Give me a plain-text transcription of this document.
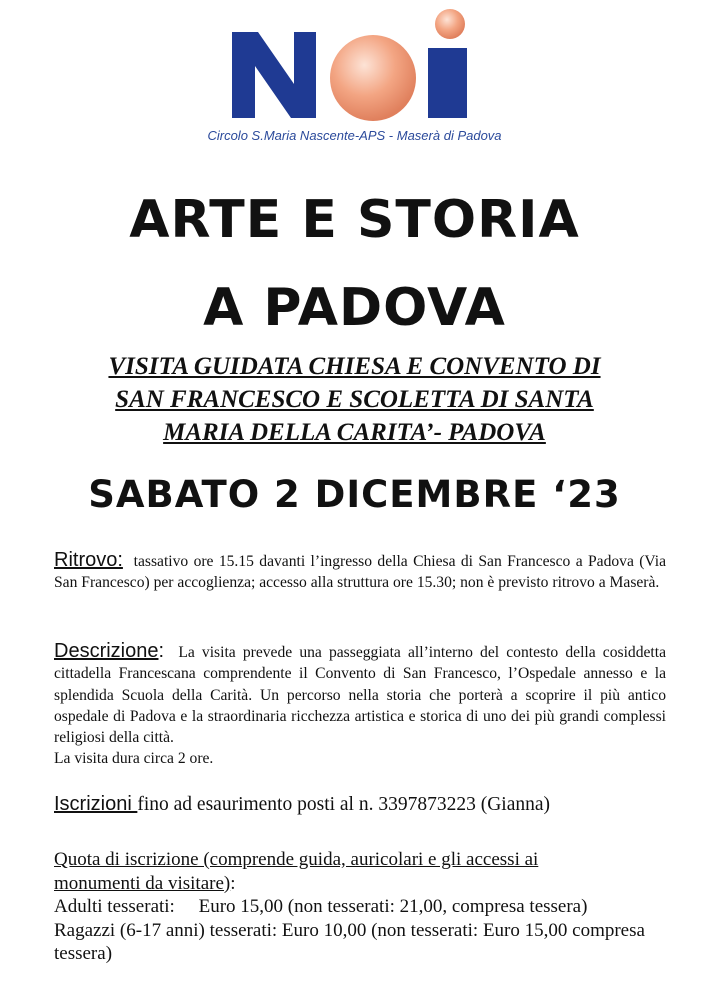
Circolo S.Maria Nascente-APS - Maserà di Padova
ARTE E STORIA
A PADOVA
VISITA GUIDATA CHIESA E CONVENTO DI
SAN FRANCESCO E SCOLETTA DI SANTA
MARIA DELLA CARITA’- PADOVA
SABATO 2 DICEMBRE ‘23
Ritrovo: tassativo ore 15.15 davanti l’ingresso della Chiesa di San Francesco a Padova (Via San Francesco) per accoglienza; accesso alla struttura ore 15.30; non è previsto ritrovo a Maserà.
Descrizione: La visita prevede una passeggiata all’interno del contesto della cosiddetta cittadella Francescana comprendente il Convento di San Francesco, l’Ospedale annesso e la splendida Scuola della Carità. Un percorso nella storia che porterà a scoprire il più antico ospedale di Padova e la straordinaria ricchezza artistica e storica di uno dei più grandi complessi religiosi della città.
La visita dura circa 2 ore.
Iscrizioni fino ad esaurimento posti al n. 3397873223 (Gianna)
Quota di iscrizione (comprende guida, auricolari e gli accessi ai
monumenti da visitare):
Adulti tesserati:     Euro 15,00 (non tesserati: 21,00, compresa tessera)
Ragazzi (6-17 anni) tesserati: Euro 10,00 (non tesserati: Euro 15,00 compresa tessera)
